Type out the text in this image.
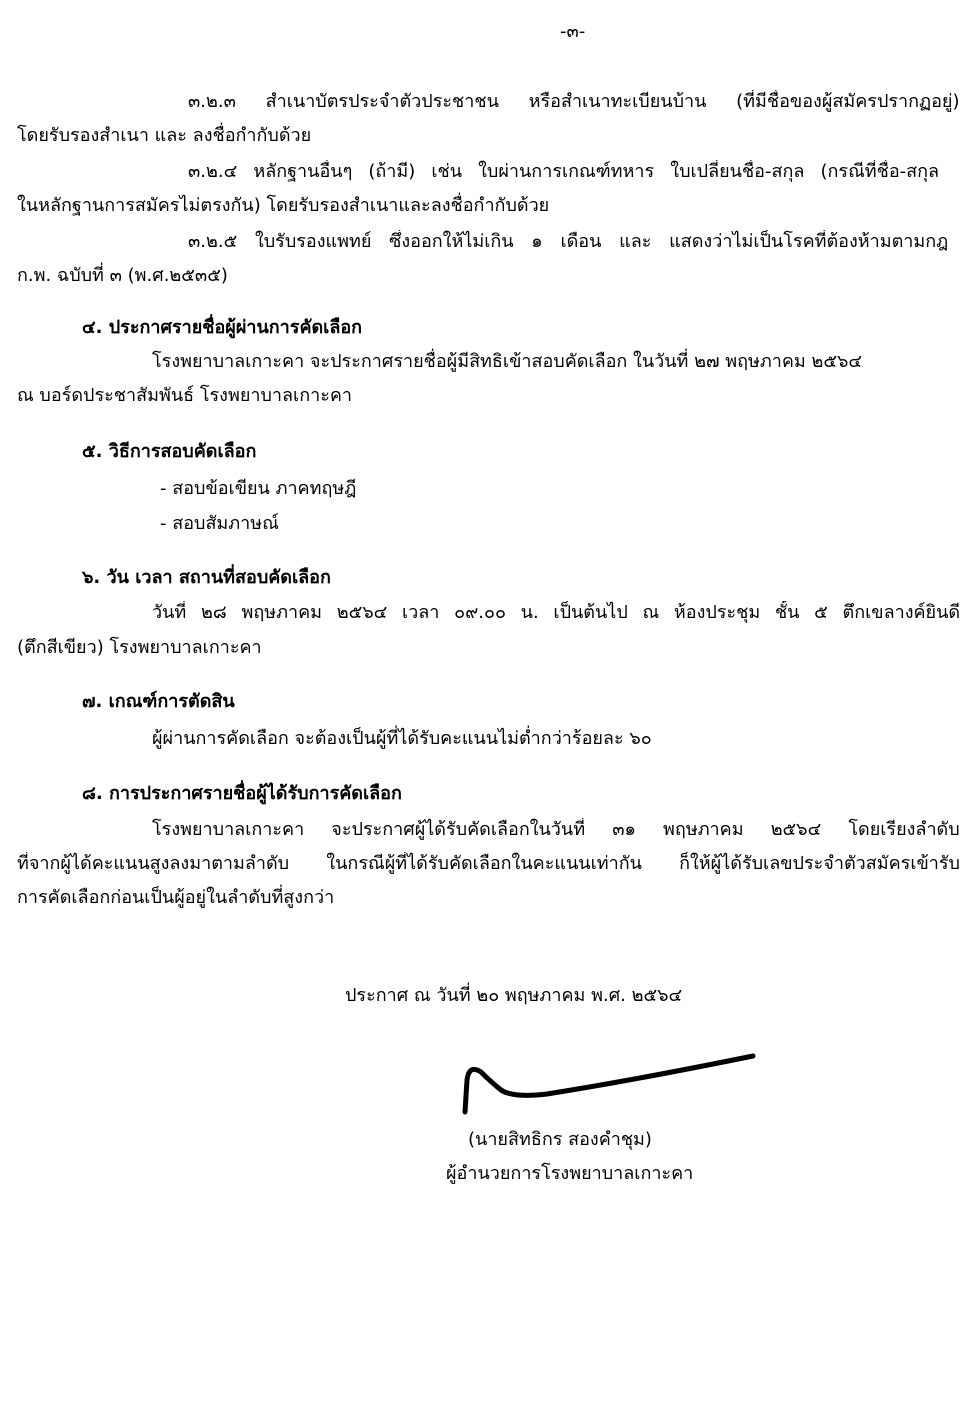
-๓-
๓.๒.๓ สำเนาบัตรประจำตัวประชาชน หรือสำเนาทะเบียนบ้าน (ที่มีชื่อของผู้สมัครปรากฏอยู่)
โดยรับรองสำเนา และ ลงชื่อกำกับด้วย
๓.๒.๔ หลักฐานอื่นๆ (ถ้ามี) เช่น ใบผ่านการเกณฑ์ทหาร ใบเปลี่ยนชื่อ-สกุล (กรณีที่ชื่อ-สกุล
ในหลักฐานการสมัครไม่ตรงกัน) โดยรับรองสำเนาและลงชื่อกำกับด้วย
๓.๒.๕ ใบรับรองแพทย์ ซึ่งออกให้ไม่เกิน ๑ เดือน และ แสดงว่าไม่เป็นโรคที่ต้องห้ามตามกฎ
ก.พ. ฉบับที่ ๓ (พ.ศ.๒๕๓๕)
๔. ประกาศรายชื่อผู้ผ่านการคัดเลือก
โรงพยาบาลเกาะคา จะประกาศรายชื่อผู้มีสิทธิเข้าสอบคัดเลือก ในวันที่ ๒๗ พฤษภาคม ๒๕๖๔
ณ บอร์ดประชาสัมพันธ์ โรงพยาบาลเกาะคา
๕. วิธีการสอบคัดเลือก
- สอบข้อเขียน ภาคทฤษฎี
- สอบสัมภาษณ์
๖. วัน เวลา สถานที่สอบคัดเลือก
วันที่ ๒๘ พฤษภาคม ๒๕๖๔ เวลา ๐๙.๐๐ น. เป็นต้นไป ณ ห้องประชุม ชั้น ๕ ตึกเขลางค์ยินดี
(ตึกสีเขียว) โรงพยาบาลเกาะคา
๗. เกณฑ์การตัดสิน
ผู้ผ่านการคัดเลือก จะต้องเป็นผู้ที่ได้รับคะแนนไม่ต่ำกว่าร้อยละ ๖๐
๘. การประกาศรายชื่อผู้ได้รับการคัดเลือก
โรงพยาบาลเกาะคา จะประกาศผู้ได้รับคัดเลือกในวันที่ ๓๑ พฤษภาคม ๒๕๖๔ โดยเรียงลำดับ
ที่จากผู้ได้คะแนนสูงลงมาตามลำดับ ในกรณีผู้ที่ได้รับคัดเลือกในคะแนนเท่ากัน ก็ให้ผู้ได้รับเลขประจำตัวสมัครเข้ารับ
การคัดเลือกก่อนเป็นผู้อยู่ในลำดับที่สูงกว่า
ประกาศ ณ วันที่ ๒๐ พฤษภาคม พ.ศ. ๒๕๖๔
(นายสิทธิกร สองคำชุม)
ผู้อำนวยการโรงพยาบาลเกาะคา
